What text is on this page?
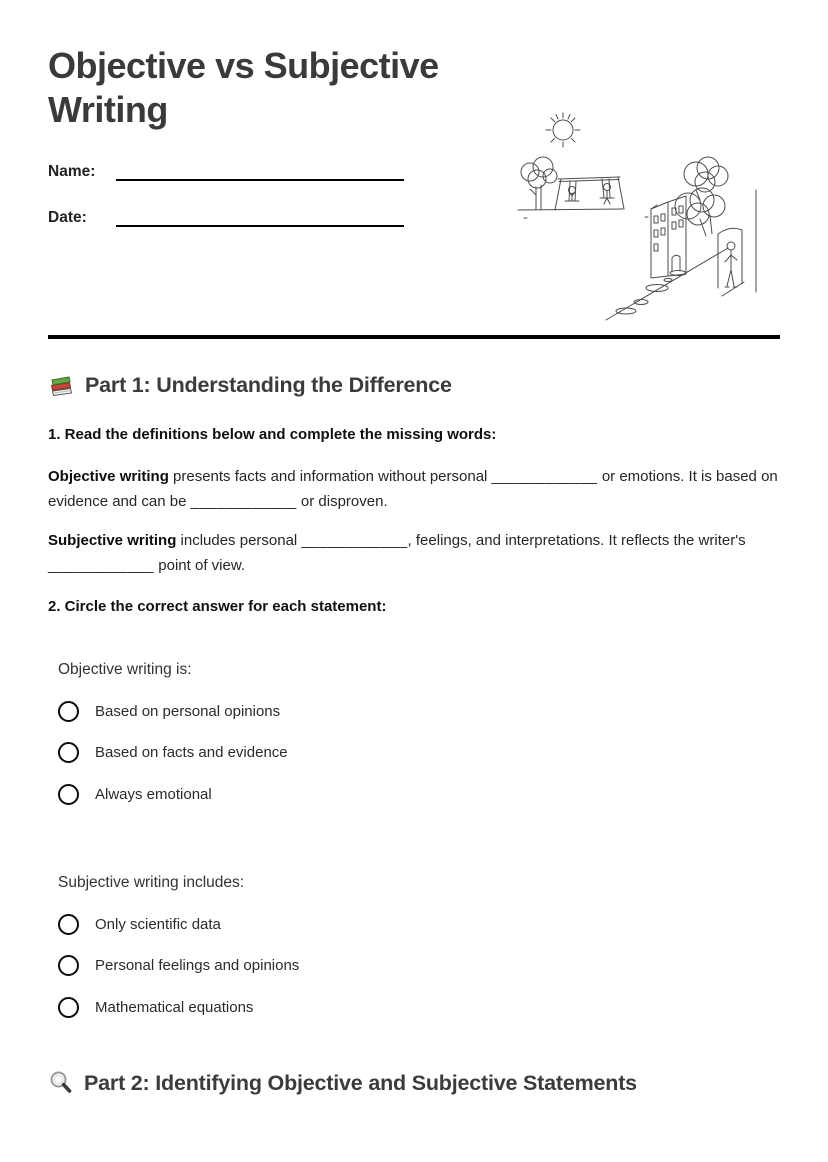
Objective vs Subjective Writing
Name:
Date:
Part 1: Understanding the Difference

1. Read the definitions below and complete the missing words:

Objective writing presents facts and information without personal ____________ or emotions. It is based on evidence and can be ____________ or disproven.

Subjective writing includes personal ____________, feelings, and interpretations. It reflects the writer's ____________ point of view.

2. Circle the correct answer for each statement:

Objective writing is:
Based on personal opinions
Based on facts and evidence
Always emotional
Subjective writing includes:
Only scientific data
Personal feelings and opinions
Mathematical equations
Part 2: Identifying Objective and Subjective Statements
